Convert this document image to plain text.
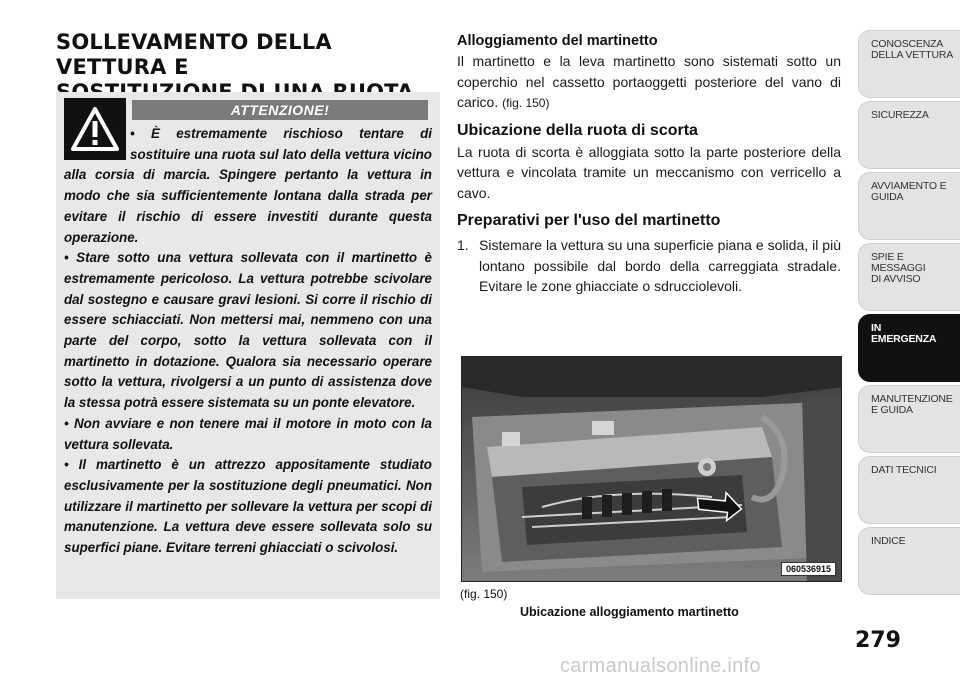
SOLLEVAMENTO DELLA VETTURA E
ATTENZIONE!

• È estremamente rischioso tentare di sostituire una ruota sul lato della vettura vicino alla corsia di marcia. Spingere pertanto la vettura in modo che sia sufficientemente lontana dalla strada per evitare il rischio di essere investiti durante questa operazione.

• Stare sotto una vettura sollevata con il martinetto è estremamente pericoloso. La vettura potrebbe scivolare dal sostegno e causare gravi lesioni. Si corre il rischio di essere schiacciati. Non mettersi mai, nemmeno con una parte del corpo, sotto la vettura sollevata con il martinetto in dotazione. Qualora sia necessario operare sotto la vettura, rivolgersi a un punto di assistenza dove la stessa potrà essere sistemata su un ponte elevatore.

• Non avviare e non tenere mai il motore in moto con la vettura sollevata.

• Il martinetto è un attrezzo appositamente studiato esclusivamente per la sostituzione degli pneumatici. Non utilizzare il martinetto per sollevare la vettura per scopi di manutenzione. La vettura deve essere sollevata solo su superfici piane. Evitare terreni ghiacciati o scivolosi.

Alloggiamento del martinetto
Il martinetto e la leva martinetto sono sistemati sotto un coperchio nel cassetto portaoggetti posteriore del vano di carico. (fig. 150)
Ubicazione della ruota di scorta
La ruota di scorta è alloggiata sotto la parte posteriore della vettura e vincolata tramite un meccanismo con verricello a cavo.
Preparativi per l'uso del martinetto
1. Sistemare la vettura su una superficie piana e solida, il più lontano possibile dal bordo della carreggiata stradale. Evitare le zone ghiacciate o sdrucciolevoli.
060536915
(fig. 150)
Ubicazione alloggiamento martinetto
279
CONOSCENZA
DELLA VETTURA
SICUREZZA
AVVIAMENTO E
GUIDA
SPIE E
MESSAGGI
DI AVVISO
IN
EMERGENZA
MANUTENZIONE
E GUIDA
DATI TECNICI
INDICE
carmanualsonline.info
